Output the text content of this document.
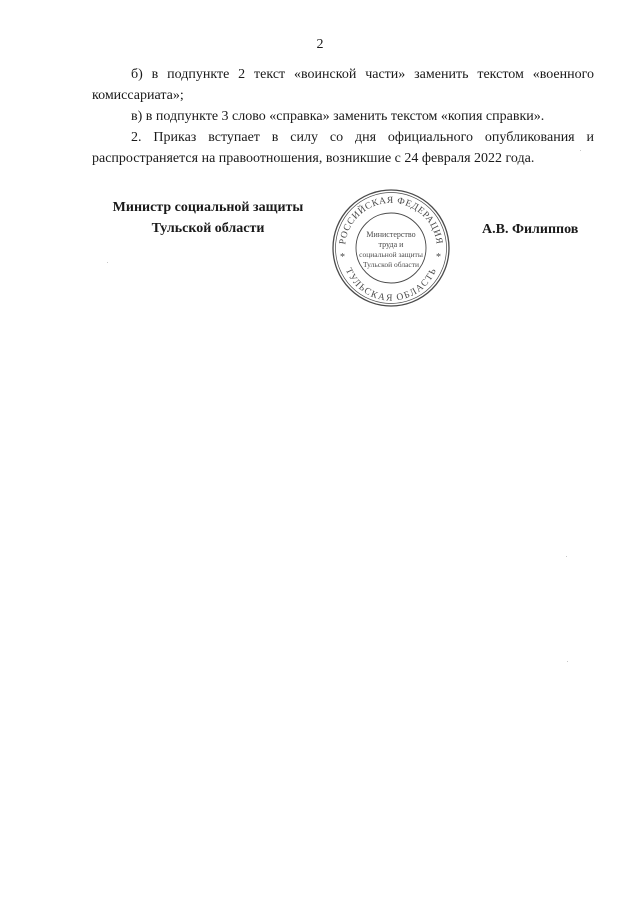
2

б) в подпункте 2 текст «воинской части» заменить текстом «военного комиссариата»;

в) в подпункте 3 слово «справка» заменить текстом «копия справки».

2. Приказ вступает в силу со дня официального опубликования и распространяется на правоотношения, возникшие с 24 февраля 2022 года.

Министр социальной защиты
Тульской области	А.В. Филиппов
РОССИЙСКАЯ ФЕДЕРАЦИЯ
ТУЛЬСКАЯ ОБЛАСТЬ
*	*
Министерство
труда и
социальной защиты
Тульской области
